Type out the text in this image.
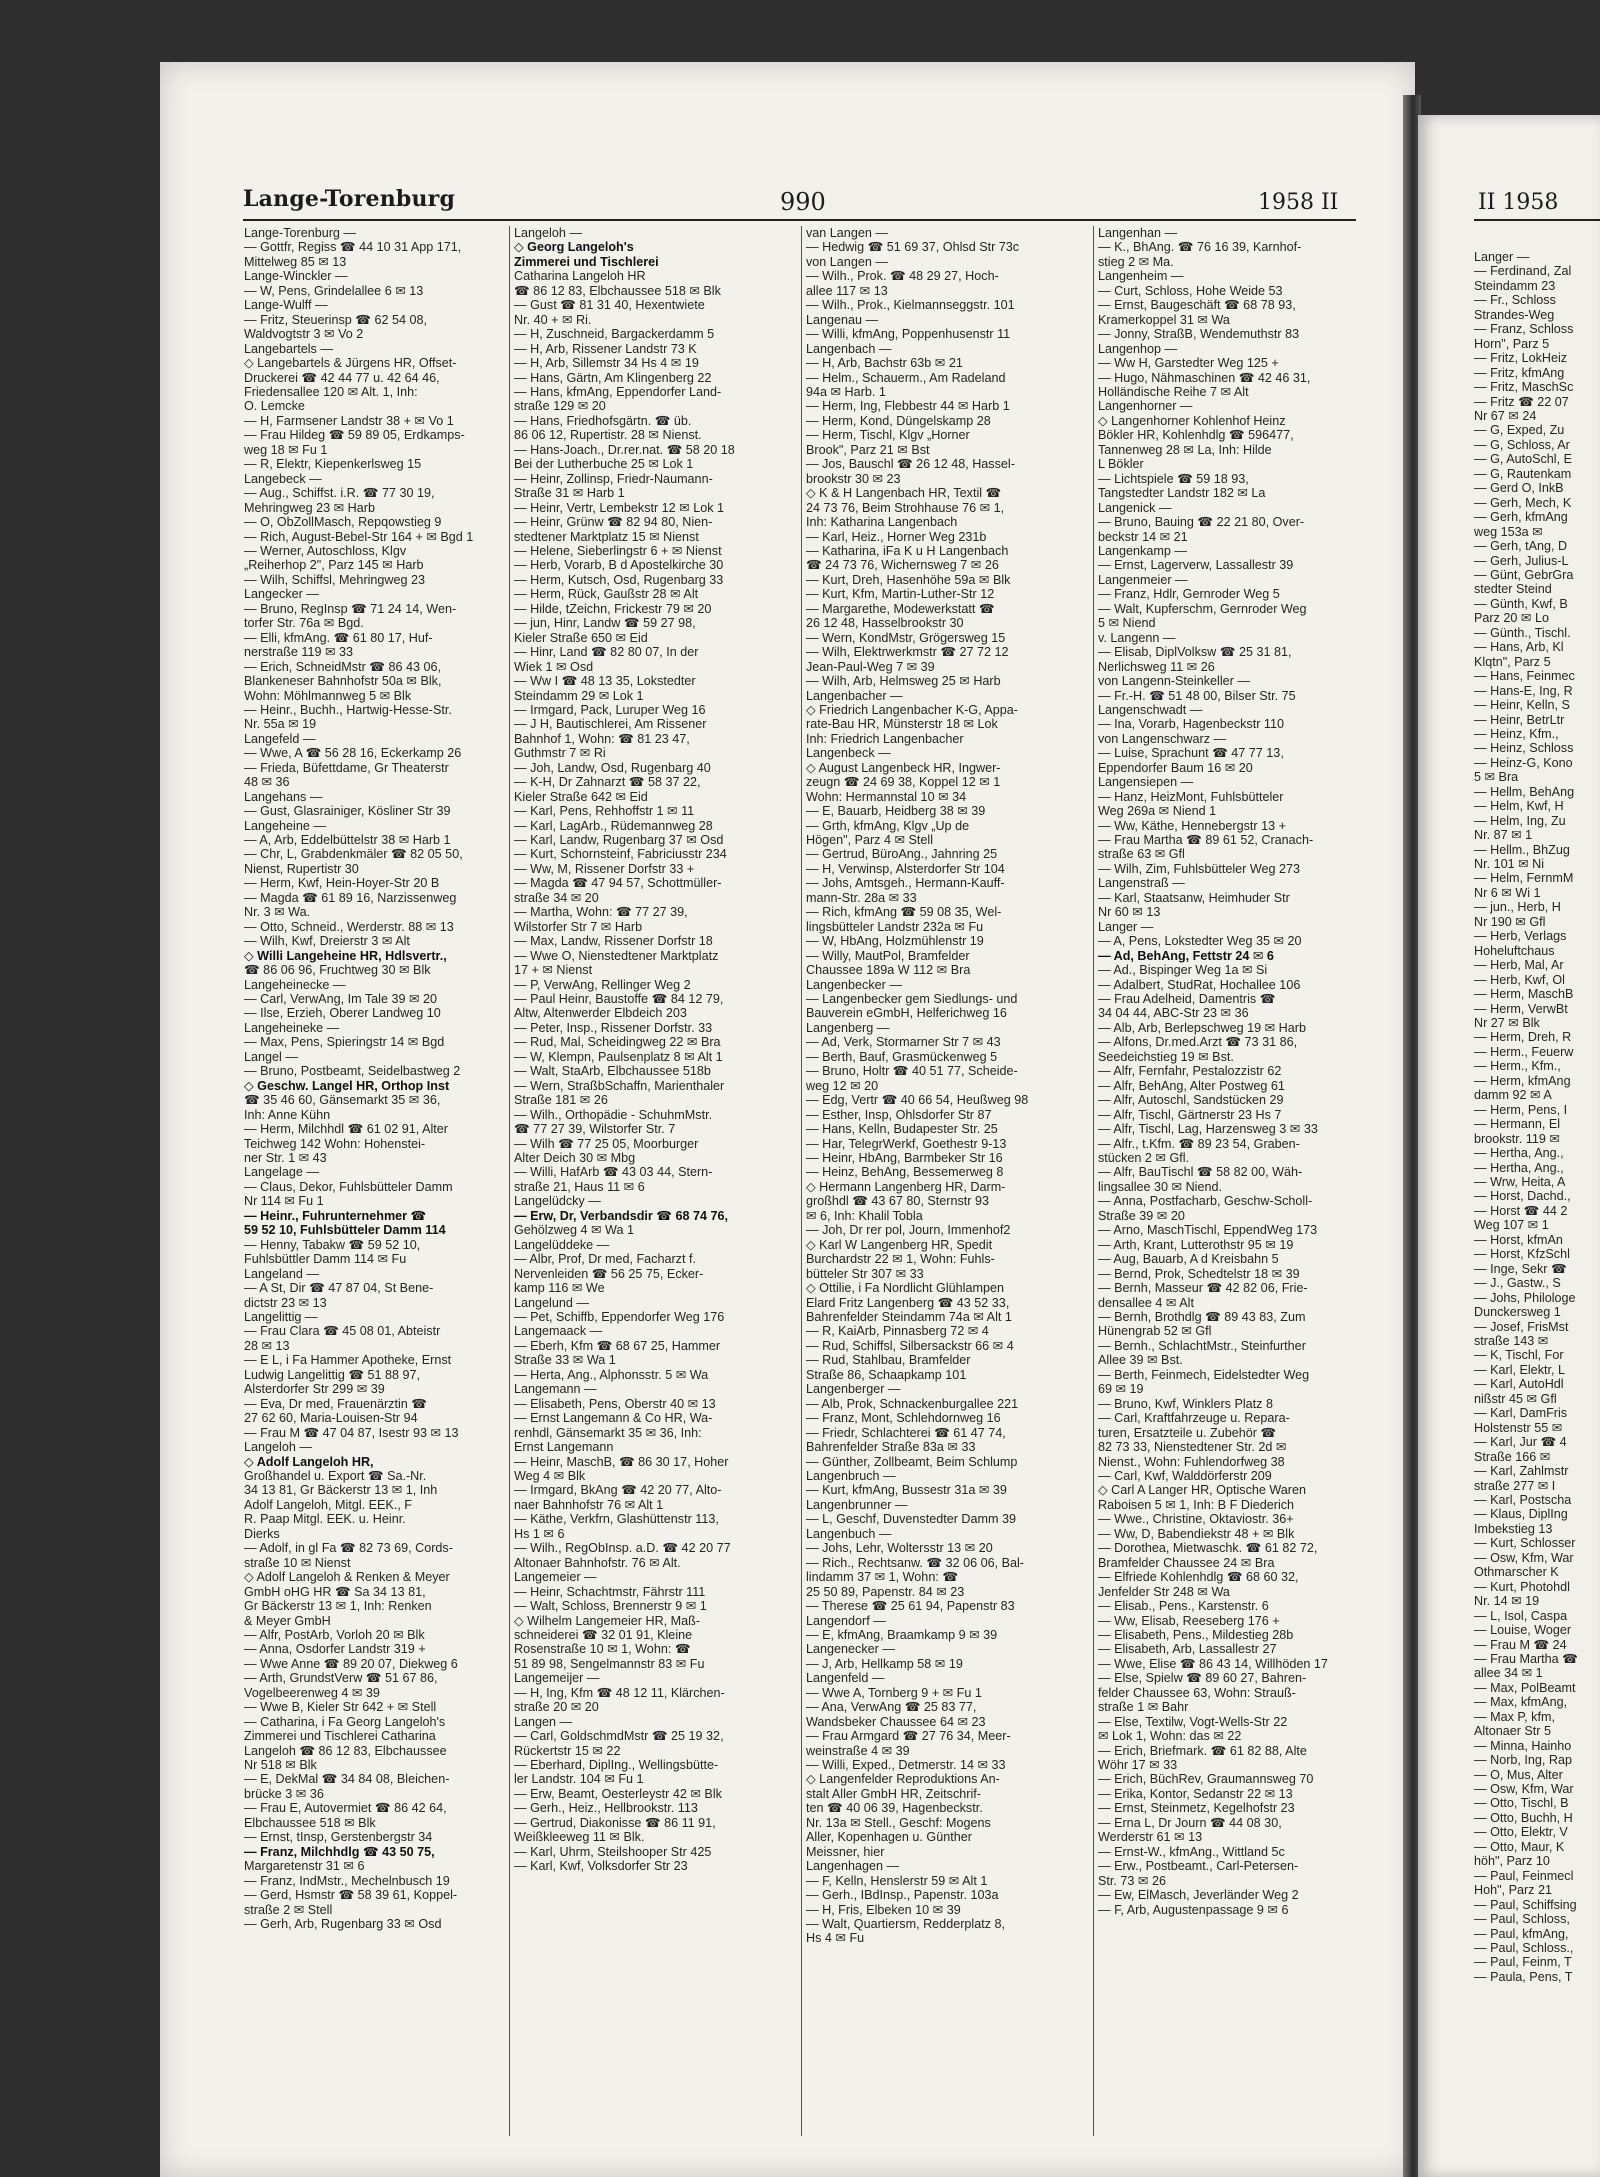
Lange-Torenburg	990	1958 II
Lange-Torenburg —
— Gottfr, Regiss ☎ 44 10 31 App 171,
Mittelweg 85 ✉ 13
Lange-Winckler —
— W, Pens, Grindelallee 6 ✉ 13
Lange-Wulff —
— Fritz, Steuerinsp ☎ 62 54 08,
Waldvogtstr 3 ✉ Vo 2
Langebartels —
◇ Langebartels & Jürgens HR, Offset-
Druckerei ☎ 42 44 77 u. 42 64 46,
Friedensallee 120 ✉ Alt. 1, Inh:
O. Lemcke
— H, Farmsener Landstr 38 + ✉ Vo 1
— Frau Hildeg ☎ 59 89 05, Erdkamps-
weg 18 ✉ Fu 1
— R, Elektr, Kiepenkerlsweg 15
Langebeck —
— Aug., Schiffst. i.R. ☎ 77 30 19,
Mehringweg 23 ✉ Harb
— O, ObZollMasch, Repqowstieg 9
— Rich, August-Bebel-Str 164 + ✉ Bgd 1
— Werner, Autoschloss, Klgv
„Reiherhop 2", Parz 145 ✉ Harb
— Wilh, Schiffsl, Mehringweg 23
Langecker —
— Bruno, RegInsp ☎ 71 24 14, Wen-
torfer Str. 76a ✉ Bgd.
— Elli, kfmAng. ☎ 61 80 17, Huf-
nerstraße 119 ✉ 33
— Erich, SchneidMstr ☎ 86 43 06,
Blankeneser Bahnhofstr 50a ✉ Blk,
Wohn: Möhlmannweg 5 ✉ Blk
— Heinr., Buchh., Hartwig-Hesse-Str.
Nr. 55a ✉ 19
Langefeld —
— Wwe, A ☎ 56 28 16, Eckerkamp 26
— Frieda, Büfettdame, Gr Theaterstr
48 ✉ 36
Langehans —
— Gust, Glasrainiger, Kösliner Str 39
Langeheine —
— A, Arb, Eddelbüttelstr 38 ✉ Harb 1
— Chr, L, Grabdenkmäler ☎ 82 05 50,
Nienst, Rupertistr 30
— Herm, Kwf, Hein-Hoyer-Str 20 B
— Magda ☎ 61 89 16, Narzissenweg
Nr. 3 ✉ Wa.
— Otto, Schneid., Werderstr. 88 ✉ 13
— Wilh, Kwf, Dreierstr 3 ✉ Alt
◇ Willi Langeheine HR, Hdlsvertr.,
☎ 86 06 96, Fruchtweg 30 ✉ Blk
Langeheinecke —
— Carl, VerwAng, Im Tale 39 ✉ 20
— Ilse, Erzieh, Oberer Landweg 10
Langeheineke —
— Max, Pens, Spieringstr 14 ✉ Bgd
Langel —
— Bruno, Postbeamt, Seidelbastweg 2
◇ Geschw. Langel HR, Orthop Inst
☎ 35 46 60, Gänsemarkt 35 ✉ 36,
Inh: Anne Kühn
— Herm, Milchhdl ☎ 61 02 91, Alter
Teichweg 142 Wohn: Hohenstei-
ner Str. 1 ✉ 43
Langelage —
— Claus, Dekor, Fuhlsbütteler Damm
Nr 114 ✉ Fu 1
— Heinr., Fuhrunternehmer ☎
59 52 10, Fuhlsbütteler Damm 114
— Henny, Tabakw ☎ 59 52 10,
Fuhlsbüttler Damm 114 ✉ Fu
Langeland —
— A St, Dir ☎ 47 87 04, St Bene-
dictstr 23 ✉ 13
Langelittig —
— Frau Clara ☎ 45 08 01, Abteistr
28 ✉ 13
— E L, i Fa Hammer Apotheke, Ernst
Ludwig Langelittig ☎ 51 88 97,
Alsterdorfer Str 299 ✉ 39
— Eva, Dr med, Frauenärztin ☎
27 62 60, Maria-Louisen-Str 94
— Frau M ☎ 47 04 87, Isestr 93 ✉ 13
Langeloh —
◇ Adolf Langeloh HR,
Großhandel u. Export ☎ Sa.-Nr.
34 13 81, Gr Bäckerstr 13 ✉ 1, Inh
Adolf Langeloh, Mitgl. EEK., F
R. Paap Mitgl. EEK. u. Heinr.
Dierks
— Adolf, in gl Fa ☎ 82 73 69, Cords-
straße 10 ✉ Nienst
◇ Adolf Langeloh & Renken & Meyer
GmbH oHG HR ☎ Sa 34 13 81,
Gr Bäckerstr 13 ✉ 1, Inh: Renken
& Meyer GmbH
— Alfr, PostArb, Vorloh 20 ✉ Blk
— Anna, Osdorfer Landstr 319 +
— Wwe Anne ☎ 89 20 07, Diekweg 6
— Arth, GrundstVerw ☎ 51 67 86,
Vogelbeerenweg 4 ✉ 39
— Wwe B, Kieler Str 642 + ✉ Stell
— Catharina, i Fa Georg Langeloh's
Zimmerei und Tischlerei Catharina
Langeloh ☎ 86 12 83, Elbchaussee
Nr 518 ✉ Blk
— E, DekMal ☎ 34 84 08, Bleichen-
brücke 3 ✉ 36
— Frau E, Autovermiet ☎ 86 42 64,
Elbchaussee 518 ✉ Blk
— Ernst, tInsp, Gerstenbergstr 34
— Franz, Milchhdlg ☎ 43 50 75,
Margaretenstr 31 ✉ 6
— Franz, IndMstr., Mechelnbusch 19
— Gerd, Hsmstr ☎ 58 39 61, Koppel-
straße 2 ✉ Stell
— Gerh, Arb, Rugenbarg 33 ✉ Osd
Langeloh —
◇ Georg Langeloh's
Zimmerei und Tischlerei
Catharina Langeloh HR
☎ 86 12 83, Elbchaussee 518 ✉ Blk
— Gust ☎ 81 31 40, Hexentwiete
Nr. 40 + ✉ Ri.
— H, Zuschneid, Bargackerdamm 5
— H, Arb, Rissener Landstr 73 K
— H, Arb, Sillemstr 34 Hs 4 ✉ 19
— Hans, Gärtn, Am Klingenberg 22
— Hans, kfmAng, Eppendorfer Land-
straße 129 ✉ 20
— Hans, Friedhofsgärtn. ☎ üb.
86 06 12, Rupertistr. 28 ✉ Nienst.
— Hans-Joach., Dr.rer.nat. ☎ 58 20 18
Bei der Lutherbuche 25 ✉ Lok 1
— Heinr, Zollinsp, Friedr-Naumann-
Straße 31 ✉ Harb 1
— Heinr, Vertr, Lembekstr 12 ✉ Lok 1
— Heinr, Grünw ☎ 82 94 80, Nien-
stedtener Marktplatz 15 ✉ Nienst
— Helene, Sieberlingstr 6 + ✉ Nienst
— Herb, Vorarb, B d Apostelkirche 30
— Herm, Kutsch, Osd, Rugenbarg 33
— Herm, Rück, Gaußstr 28 ✉ Alt
— Hilde, tZeichn, Frickestr 79 ✉ 20
— jun, Hinr, Landw ☎ 59 27 98,
Kieler Straße 650 ✉ Eid
— Hinr, Land ☎ 82 80 07, In der
Wiek 1 ✉ Osd
— Ww I ☎ 48 13 35, Lokstedter
Steindamm 29 ✉ Lok 1
— Irmgard, Pack, Luruper Weg 16
— J H, Bautischlerei, Am Rissener
Bahnhof 1, Wohn: ☎ 81 23 47,
Guthmstr 7 ✉ Ri
— Joh, Landw, Osd, Rugenbarg 40
— K-H, Dr Zahnarzt ☎ 58 37 22,
Kieler Straße 642 ✉ Eid
— Karl, Pens, Rehhoffstr 1 ✉ 11
— Karl, LagArb., Rüdemannweg 28
— Karl, Landw, Rugenbarg 37 ✉ Osd
— Kurt, Schornsteinf, Fabriciusstr 234
— Ww, M, Rissener Dorfstr 33 +
— Magda ☎ 47 94 57, Schottmüller-
straße 34 ✉ 20
— Martha, Wohn: ☎ 77 27 39,
Wilstorfer Str 7 ✉ Harb
— Max, Landw, Rissener Dorfstr 18
— Wwe O, Nienstedtener Marktplatz
17 + ✉ Nienst
— P, VerwAng, Rellinger Weg 2
— Paul Heinr, Baustoffe ☎ 84 12 79,
Altw, Altenwerder Elbdeich 203
— Peter, Insp., Rissener Dorfstr. 33
— Rud, Mal, Scheidingweg 22 ✉ Bra
— W, Klempn, Paulsenplatz 8 ✉ Alt 1
— Walt, StaArb, Elbchaussee 518b
— Wern, StraßbSchaffn, Marienthaler
Straße 181 ✉ 26
— Wilh., Orthopädie - SchuhmMstr.
☎ 77 27 39, Wilstorfer Str. 7
— Wilh ☎ 77 25 05, Moorburger
Alter Deich 30 ✉ Mbg
— Willi, HafArb ☎ 43 03 44, Stern-
straße 21, Haus 11 ✉ 6
Langelüdcky —
— Erw, Dr, Verbandsdir ☎ 68 74 76,
Gehölzweg 4 ✉ Wa 1
Langelüddeke —
— Albr, Prof, Dr med, Facharzt f.
Nervenleiden ☎ 56 25 75, Ecker-
kamp 116 ✉ We
Langelund —
— Pet, Schiffb, Eppendorfer Weg 176
Langemaack —
— Eberh, Kfm ☎ 68 67 25, Hammer
Straße 33 ✉ Wa 1
— Herta, Ang., Alphonsstr. 5 ✉ Wa
Langemann —
— Elisabeth, Pens, Oberstr 40 ✉ 13
— Ernst Langemann & Co HR, Wa-
renhdl, Gänsemarkt 35 ✉ 36, Inh:
Ernst Langemann
— Heinr, MaschB, ☎ 86 30 17, Hoher
Weg 4 ✉ Blk
— Irmgard, BkAng ☎ 42 20 77, Alto-
naer Bahnhofstr 76 ✉ Alt 1
— Käthe, Verkfrn, Glashüttenstr 113,
Hs 1 ✉ 6
— Wilh., RegObInsp. a.D. ☎ 42 20 77
Altonaer Bahnhofstr. 76 ✉ Alt.
Langemeier —
— Heinr, Schachtmstr, Fährstr 111
— Walt, Schloss, Brennerstr 9 ✉ 1
◇ Wilhelm Langemeier HR, Maß-
schneiderei ☎ 32 01 91, Kleine
Rosenstraße 10 ✉ 1, Wohn: ☎
51 89 98, Sengelmannstr 83 ✉ Fu
Langemeijer —
— H, Ing, Kfm ☎ 48 12 11, Klärchen-
straße 20 ✉ 20
Langen —
— Carl, GoldschmdMstr ☎ 25 19 32,
Rückertstr 15 ✉ 22
— Eberhard, DiplIng., Wellingsbütte-
ler Landstr. 104 ✉ Fu 1
— Erw, Beamt, Oesterleystr 42 ✉ Blk
— Gerh., Heiz., Hellbrookstr. 113
— Gertrud, Diakonisse ☎ 86 11 91,
Weißkleeweg 11 ✉ Blk.
— Karl, Uhrm, Steilshooper Str 425
— Karl, Kwf, Volksdorfer Str 23
van Langen —
— Hedwig ☎ 51 69 37, Ohlsd Str 73c
von Langen —
— Wilh., Prok. ☎ 48 29 27, Hoch-
allee 117 ✉ 13
— Wilh., Prok., Kielmannseggstr. 101
Langenau —
— Willi, kfmAng, Poppenhusenstr 11
Langenbach —
— H, Arb, Bachstr 63b ✉ 21
— Helm., Schauerm., Am Radeland
94a ✉ Harb. 1
— Herm, Ing, Flebbestr 44 ✉ Harb 1
— Herm, Kond, Düngelskamp 28
— Herm, Tischl, Klgv „Horner
Brook", Parz 21 ✉ Bst
— Jos, Bauschl ☎ 26 12 48, Hassel-
brookstr 30 ✉ 23
◇ K & H Langenbach HR, Textil ☎
24 73 76, Beim Strohhause 76 ✉ 1,
Inh: Katharina Langenbach
— Karl, Heiz., Horner Weg 231b
— Katharina, iFa K u H Langenbach
☎ 24 73 76, Wichernsweg 7 ✉ 26
— Kurt, Dreh, Hasenhöhe 59a ✉ Blk
— Kurt, Kfm, Martin-Luther-Str 12
— Margarethe, Modewerkstatt ☎
26 12 48, Hasselbrookstr 30
— Wern, KondMstr, Grögersweg 15
— Wilh, Elektrwerkmstr ☎ 27 72 12
Jean-Paul-Weg 7 ✉ 39
— Wilh, Arb, Helmsweg 25 ✉ Harb
Langenbacher —
◇ Friedrich Langenbacher K-G, Appa-
rate-Bau HR, Münsterstr 18 ✉ Lok
Inh: Friedrich Langenbacher
Langenbeck —
◇ August Langenbeck HR, Ingwer-
zeugn ☎ 24 69 38, Koppel 12 ✉ 1
Wohn: Hermannstal 10 ✉ 34
— E, Bauarb, Heidberg 38 ✉ 39
— Grth, kfmAng, Klgv „Up de
Högen", Parz 4 ✉ Stell
— Gertrud, BüroAng., Jahnring 25
— H, Verwinsp, Alsterdorfer Str 104
— Johs, Amtsgeh., Hermann-Kauff-
mann-Str. 28a ✉ 33
— Rich, kfmAng ☎ 59 08 35, Wel-
lingsbütteler Landstr 232a ✉ Fu
— W, HbAng, Holzmühlenstr 19
— Willy, MautPol, Bramfelder
Chaussee 189a W 112 ✉ Bra
Langenbecker —
— Langenbecker gem Siedlungs- und
Bauverein eGmbH, Helferichweg 16
Langenberg —
— Ad, Verk, Stormarner Str 7 ✉ 43
— Berth, Bauf, Grasmückenweg 5
— Bruno, Holtr ☎ 40 51 77, Scheide-
weg 12 ✉ 20
— Edg, Vertr ☎ 40 66 54, Heußweg 98
— Esther, Insp, Ohlsdorfer Str 87
— Hans, Kelln, Budapester Str. 25
— Har, TelegrWerkf, Goethestr 9-13
— Heinr, HbAng, Barmbeker Str 16
— Heinz, BehAng, Bessemerweg 8
◇ Hermann Langenberg HR, Darm-
großhdl ☎ 43 67 80, Sternstr 93
✉ 6, Inh: Khalil Tobla
— Joh, Dr rer pol, Journ, Immenhof2
◇ Karl W Langenberg HR, Spedit
Burchardstr 22 ✉ 1, Wohn: Fuhls-
bütteler Str 307 ✉ 33
◇ Ottilie, i Fa Nordlicht Glühlampen
Elard Fritz Langenberg ☎ 43 52 33,
Bahrenfelder Steindamm 74a ✉ Alt 1
— R, KaiArb, Pinnasberg 72 ✉ 4
— Rud, Schiffsl, Silbersackstr 66 ✉ 4
— Rud, Stahlbau, Bramfelder
Straße 86, Schaapkamp 101
Langenberger —
— Alb, Prok, Schnackenburgallee 221
— Franz, Mont, Schlehdornweg 16
— Friedr, Schlachterei ☎ 61 47 74,
Bahrenfelder Straße 83a ✉ 33
— Günther, Zollbeamt, Beim Schlump
Langenbruch —
— Kurt, kfmAng, Bussestr 31a ✉ 39
Langenbrunner —
— L, Geschf, Duvenstedter Damm 39
Langenbuch —
— Johs, Lehr, Woltersstr 13 ✉ 20
— Rich., Rechtsanw. ☎ 32 06 06, Bal-
lindamm 37 ✉ 1, Wohn: ☎
25 50 89, Papenstr. 84 ✉ 23
— Therese ☎ 25 61 94, Papenstr 83
Langendorf —
— E, kfmAng, Braamkamp 9 ✉ 39
Langenecker —
— J, Arb, Hellkamp 58 ✉ 19
Langenfeld —
— Wwe A, Tornberg 9 + ✉ Fu 1
— Ana, VerwAng ☎ 25 83 77,
Wandsbeker Chaussee 64 ✉ 23
— Frau Armgard ☎ 27 76 34, Meer-
weinstraße 4 ✉ 39
— Willi, Exped., Detmerstr. 14 ✉ 33
◇ Langenfelder Reproduktions An-
stalt Aller GmbH HR, Zeitschrif-
ten ☎ 40 06 39, Hagenbeckstr.
Nr. 13a ✉ Stell., Geschf: Mogens
Aller, Kopenhagen u. Günther
Meissner, hier
Langenhagen —
— F, Kelln, Henslerstr 59 ✉ Alt 1
— Gerh., IBdInsp., Papenstr. 103a
— H, Fris, Elbeken 10 ✉ 39
— Walt, Quartiersm, Redderplatz 8,
Hs 4 ✉ Fu
Langenhan —
— K., BhAng. ☎ 76 16 39, Karnhof-
stieg 2 ✉ Ma.
Langenheim —
— Curt, Schloss, Hohe Weide 53
— Ernst, Baugeschäft ☎ 68 78 93,
Kramerkoppel 31 ✉ Wa
— Jonny, StraßB, Wendemuthstr 83
Langenhop —
— Ww H, Garstedter Weg 125 +
— Hugo, Nähmaschinen ☎ 42 46 31,
Holländische Reihe 7 ✉ Alt
Langenhorner —
◇ Langenhorner Kohlenhof Heinz
Bökler HR, Kohlenhdlg ☎ 596477,
Tannenweg 28 ✉ La, Inh: Hilde
L Bökler
— Lichtspiele ☎ 59 18 93,
Tangstedter Landstr 182 ✉ La
Langenick —
— Bruno, Bauing ☎ 22 21 80, Over-
beckstr 14 ✉ 21
Langenkamp —
— Ernst, Lagerverw, Lassallestr 39
Langenmeier —
— Franz, Hdlr, Gernroder Weg 5
— Walt, Kupferschm, Gernroder Weg
5 ✉ Niend
v. Langenn —
— Elisab, DiplVolksw ☎ 25 31 81,
Nerlichsweg 11 ✉ 26
von Langenn-Steinkeller —
— Fr.-H. ☎ 51 48 00, Bilser Str. 75
Langenschwadt —
— Ina, Vorarb, Hagenbeckstr 110
von Langenschwarz —
— Luise, Sprachunt ☎ 47 77 13,
Eppendorfer Baum 16 ✉ 20
Langensiepen —
— Hanz, HeizMont, Fuhlsbütteler
Weg 269a ✉ Niend 1
— Ww, Käthe, Hennebergstr 13 +
— Frau Martha ☎ 89 61 52, Cranach-
straße 63 ✉ Gfl
— Wilh, Zim, Fuhlsbütteler Weg 273
Langenstraß —
— Karl, Staatsanw, Heimhuder Str
Nr 60 ✉ 13
Langer —
— A, Pens, Lokstedter Weg 35 ✉ 20
— Ad, BehAng, Fettstr 24 ✉ 6
— Ad., Bispinger Weg 1a ✉ Si
— Adalbert, StudRat, Hochallee 106
— Frau Adelheid, Damentris ☎
34 04 44, ABC-Str 23 ✉ 36
— Alb, Arb, Berlepschweg 19 ✉ Harb
— Alfons, Dr.med.Arzt ☎ 73 31 86,
Seedeichstieg 19 ✉ Bst.
— Alfr, Fernfahr, Pestalozzistr 62
— Alfr, BehAng, Alter Postweg 61
— Alfr, Autoschl, Sandstücken 29
— Alfr, Tischl, Gärtnerstr 23 Hs 7
— Alfr, Tischl, Lag, Harzensweg 3 ✉ 33
— Alfr., t.Kfm. ☎ 89 23 54, Graben-
stücken 2 ✉ Gfl.
— Alfr, BauTischl ☎ 58 82 00, Wäh-
lingsallee 30 ✉ Niend.
— Anna, Postfacharb, Geschw-Scholl-
Straße 39 ✉ 20
— Arno, MaschTischl, EppendWeg 173
— Arth, Krant, Lutterothstr 95 ✉ 19
— Aug, Bauarb, A d Kreisbahn 5
— Bernd, Prok, Schedtelstr 18 ✉ 39
— Bernh, Masseur ☎ 42 82 06, Frie-
densallee 4 ✉ Alt
— Bernh, Brothdlg ☎ 89 43 83, Zum
Hünengrab 52 ✉ Gfl
— Bernh., SchlachtMstr., Steinfurther
Allee 39 ✉ Bst.
— Berth, Feinmech, Eidelstedter Weg
69 ✉ 19
— Bruno, Kwf, Winklers Platz 8
— Carl, Kraftfahrzeuge u. Repara-
turen, Ersatzteile u. Zubehör ☎
82 73 33, Nienstedtener Str. 2d ✉
Nienst., Wohn: Fuhlendorfweg 38
— Carl, Kwf, Walddörferstr 209
◇ Carl A Langer HR, Optische Waren
Raboisen 5 ✉ 1, Inh: B F Diederich
— Wwe., Christine, Oktaviostr. 36+
— Ww, D, Babendiekstr 48 + ✉ Blk
— Dorothea, Mietwaschk. ☎ 61 82 72,
Bramfelder Chaussee 24 ✉ Bra
— Elfriede Kohlenhdlg ☎ 68 60 32,
Jenfelder Str 248 ✉ Wa
— Elisab., Pens., Karstenstr. 6
— Ww, Elisab, Reeseberg 176 +
— Elisabeth, Pens., Mildestieg 28b
— Elisabeth, Arb, Lassallestr 27
— Wwe, Elise ☎ 86 43 14, Willhöden 17
— Else, Spielw ☎ 89 60 27, Bahren-
felder Chaussee 63, Wohn: Strauß-
straße 1 ✉ Bahr
— Else, Textilw, Vogt-Wells-Str 22
✉ Lok 1, Wohn: das ✉ 22
— Erich, Briefmark. ☎ 61 82 88, Alte
Wöhr 17 ✉ 33
— Erich, BüchRev, Graumannsweg 70
— Erika, Kontor, Sedanstr 22 ✉ 13
— Ernst, Steinmetz, Kegelhofstr 23
— Erna L, Dr Journ ☎ 44 08 30,
Werderstr 61 ✉ 13
— Ernst-W., kfmAng., Wittland 5c
— Erw., Postbeamt., Carl-Petersen-
Str. 73 ✉ 26
— Ew, ElMasch, Jeverländer Weg 2
— F, Arb, Augustenpassage 9 ✉ 6
II 1958
Langer —
— Ferdinand, Zal
Steindamm 23
— Fr., Schloss
Strandes-Weg
— Franz, Schloss
Horn", Parz 5
— Fritz, LokHeiz
— Fritz, kfmAng
— Fritz, MaschSc
— Fritz ☎ 22 07
Nr 67 ✉ 24
— G, Exped, Zu
— G, Schloss, Ar
— G, AutoSchl, E
— G, Rautenkam
— Gerd O, InkB
— Gerh, Mech, K
— Gerh, kfmAng
weg 153a ✉
— Gerh, tAng, D
— Gerh, Julius-L
— Günt, GebrGra
stedter Steind
— Günth, Kwf, B
Parz 20 ✉ Lo
— Günth., Tischl.
— Hans, Arb, Kl
Klqtn", Parz 5
— Hans, Feinmec
— Hans-E, Ing, R
— Heinr, Kelln, S
— Heinr, BetrLtr
— Heinz, Kfm.,
— Heinz, Schloss
— Heinz-G, Kono
5 ✉ Bra
— Hellm, BehAng
— Helm, Kwf, H
— Helm, Ing, Zu
Nr. 87 ✉ 1
— Hellm., BhZug
Nr. 101 ✉ Ni
— Helm, FernmM
Nr 6 ✉ Wi 1
— jun., Herb, H
Nr 190 ✉ Gfl
— Herb, Verlags
Hoheluftchaus
— Herb, Mal, Ar
— Herb, Kwf, Ol
— Herm, MaschB
— Herm, VerwBt
Nr 27 ✉ Blk
— Herm, Dreh, R
— Herm., Feuerw
— Herm., Kfm.,
— Herm, kfmAng
damm 92 ✉ A
— Herm, Pens, I
— Hermann, El
brookstr. 119 ✉
— Hertha, Ang.,
— Hertha, Ang.,
— Wrw, Heita, A
— Horst, Dachd.,
— Horst ☎ 44 2
Weg 107 ✉ 1
— Horst, kfmAn
— Horst, KfzSchl
— Inge, Sekr ☎
— J., Gastw., S
— Johs, Philologe
Dunckersweg 1
— Josef, FrisMst
straße 143 ✉
— K, Tischl, For
— Karl, Elektr, L
— Karl, AutoHdl
nißstr 45 ✉ Gfl
— Karl, DamFris
Holstenstr 55 ✉
— Karl, Jur ☎ 4
Straße 166 ✉
— Karl, Zahlmstr
straße 277 ✉ I
— Karl, Postscha
— Klaus, DiplIng
Imbekstieg 13
— Kurt, Schlosser
— Osw, Kfm, War
Othmarscher K
— Kurt, Photohdl
Nr. 14 ✉ 19
— L, Isol, Caspa
— Louise, Woger
— Frau M ☎ 24
— Frau Martha ☎
allee 34 ✉ 1
— Max, PolBeamt
— Max, kfmAng,
— Max P, kfm,
Altonaer Str 5
— Minna, Hainho
— Norb, Ing, Rap
— O, Mus, Alter
— Osw, Kfm, War
— Otto, Tischl, B
— Otto, Buchh, H
— Otto, Elektr, V
— Otto, Maur, K
höh", Parz 10
— Paul, Feinmecl
Hoh", Parz 21
— Paul, Schiffsing
— Paul, Schloss,
— Paul, kfmAng,
— Paul, Schloss.,
— Paul, Feinm, T
— Paula, Pens, T
